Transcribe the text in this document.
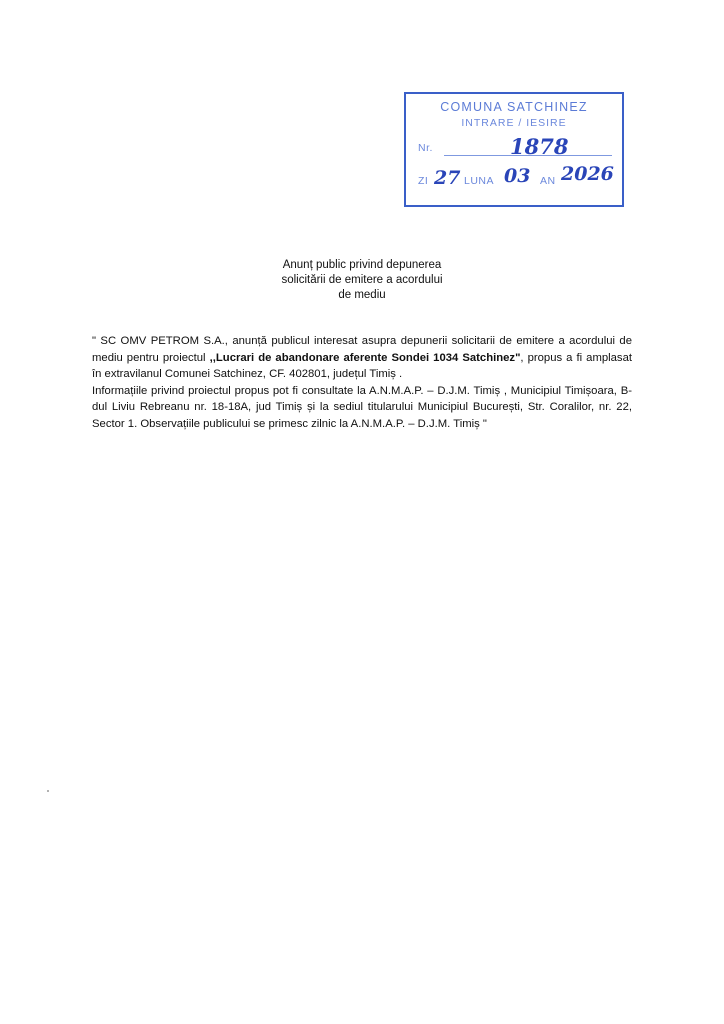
COMUNA SATCHINEZ
INTRARE / IESIRE
Nr.	1878
ZI 27 LUNA 03 AN 2026
Anunț public privind depunerea
solicitării de emitere a acordului
de mediu

" SC OMV PETROM S.A., anunță publicul interesat asupra depunerii solicitarii de emitere a acordului de mediu pentru proiectul ,,Lucrari de abandonare aferente Sondei 1034 Satchinez", propus a fi amplasat în extravilanul Comunei Satchinez, CF. 402801, județul Timiș .

Informațiile privind proiectul propus pot fi consultate la A.N.M.A.P. – D.J.M. Timiș , Municipiul Timișoara, B-dul Liviu Rebreanu nr. 18-18A, jud Timiș și la sediul titularului Municipiul București, Str. Coralilor, nr. 22, Sector 1. Observațiile publicului se primesc zilnic la A.N.M.A.P. – D.J.M. Timiș "
